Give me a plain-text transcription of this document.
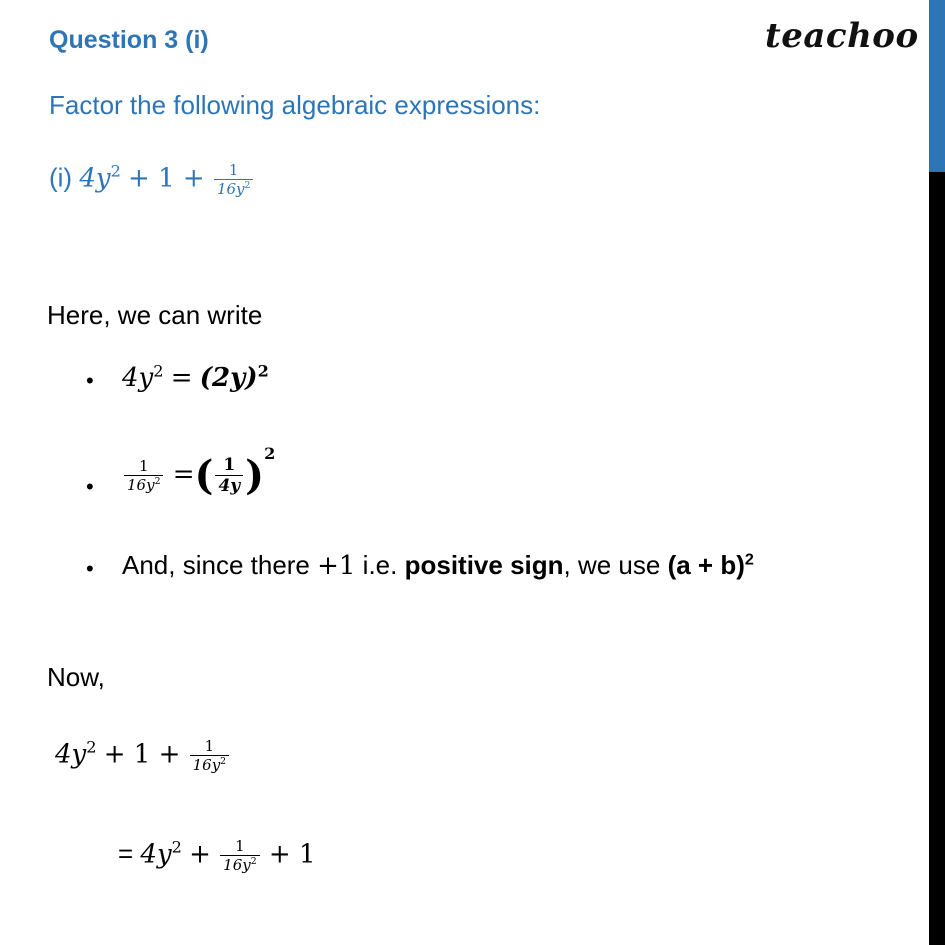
Question 3 (i)	teachoo
Factor the following algebraic expressions:
(i) $4y^2 + 1 + \frac{1}{16y^2}$
Here, we can write
• $4y^2 = (2y)^2$
• $\frac{1}{16y^2}$ =( $\frac{1}{4y} )^2$
• And, since there +1 i.e. positive sign, we use $(a + b)^2$
Now,
$4y^2 + 1 + \frac{1}{16y^2}$
= $4y^2 + \frac{1}{16y^2} + 1$
